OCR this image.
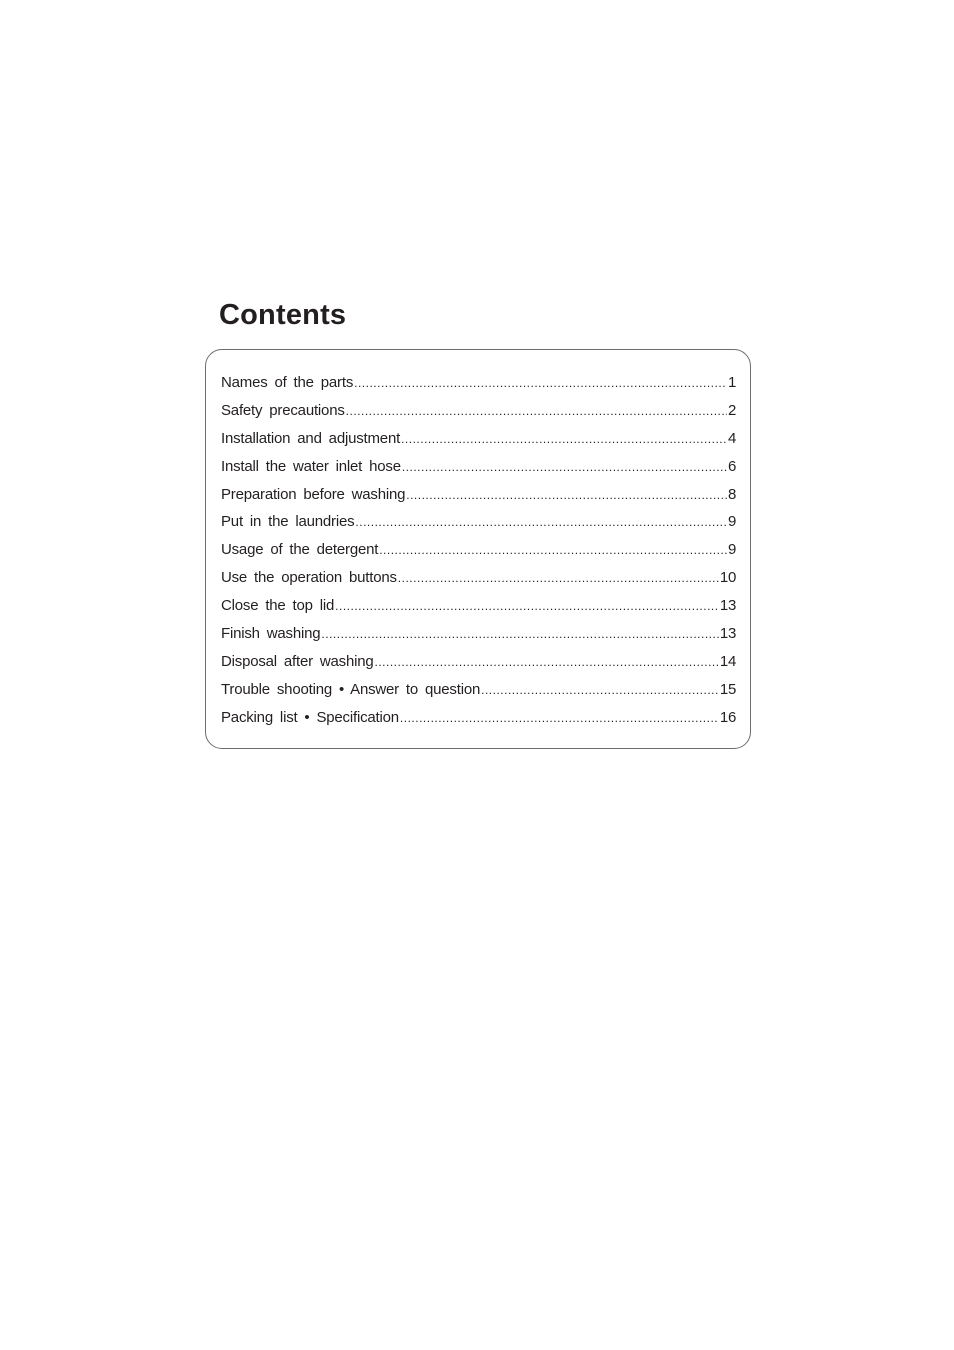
Contents
Names of the parts .....	1
Safety precautions .....	2
Installation and adjustment .....	4
Install the water inlet hose .....	6
Preparation before washing .....	8
Put in the laundries .....	9
Usage of the detergent .....	9
Use the operation buttons .....	10
Close the top lid .....	13
Finish washing .....	13
Disposal after washing .....	14
Trouble shooting • Answer to question .....	15
Packing list • Specification .....	16
